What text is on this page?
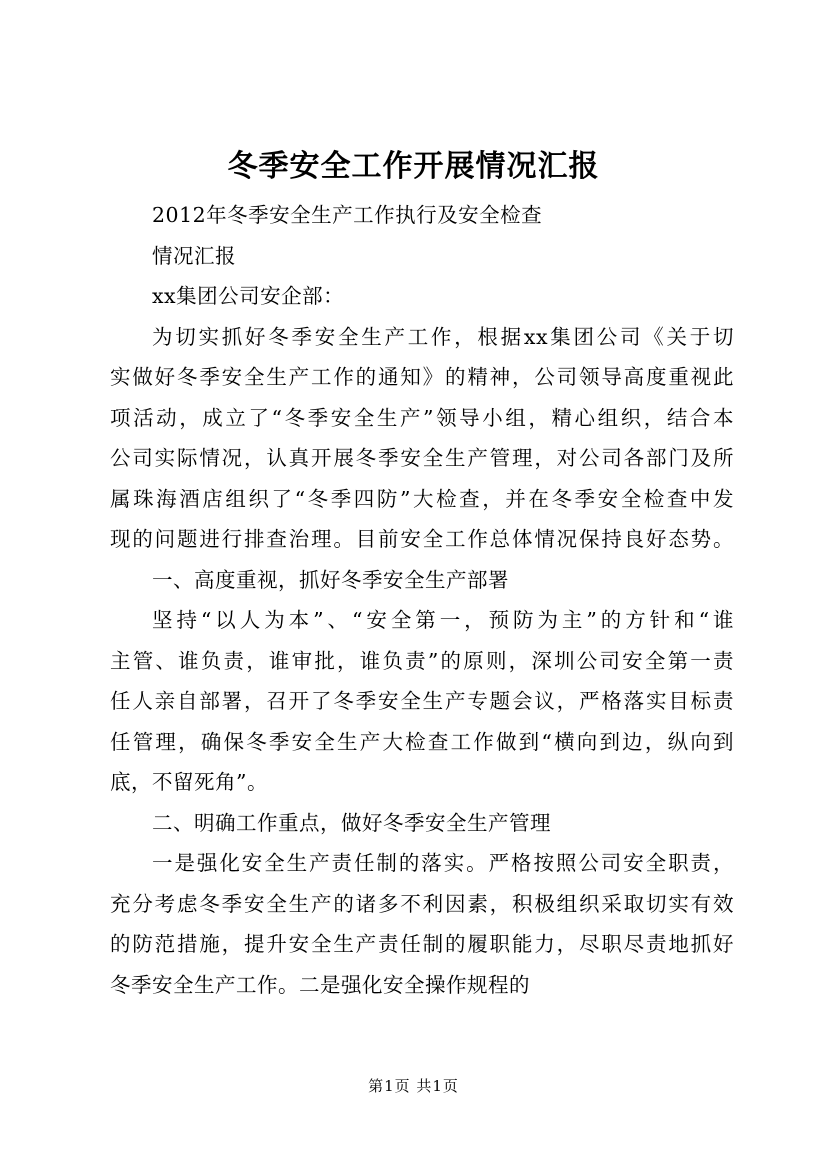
冬季安全工作开展情况汇报

2012年冬季安全生产工作执行及安全检查

情况汇报

xx集团公司安企部：

为切实抓好冬季安全生产工作，根据xx集团公司《关于切

实做好冬季安全生产工作的通知》的精神，公司领导高度重视此

项活动，成立了“冬季安全生产”领导小组，精心组织，结合本

公司实际情况，认真开展冬季安全生产管理，对公司各部门及所

属珠海酒店组织了“冬季四防”大检查，并在冬季安全检查中发

现的问题进行排查治理。目前安全工作总体情况保持良好态势。

一、高度重视，抓好冬季安全生产部署

坚持“以人为本”、“安全第一，预防为主”的方针和“谁

主管、谁负责，谁审批，谁负责”的原则，深圳公司安全第一责

任人亲自部署，召开了冬季安全生产专题会议，严格落实目标责

任管理，确保冬季安全生产大检查工作做到“横向到边，纵向到

底，不留死角”。

二、明确工作重点，做好冬季安全生产管理

一是强化安全生产责任制的落实。严格按照公司安全职责，

充分考虑冬季安全生产的诸多不利因素，积极组织采取切实有效

的防范措施，提升安全生产责任制的履职能力，尽职尽责地抓好

冬季安全生产工作。二是强化安全操作规程的

第1页 共1页
